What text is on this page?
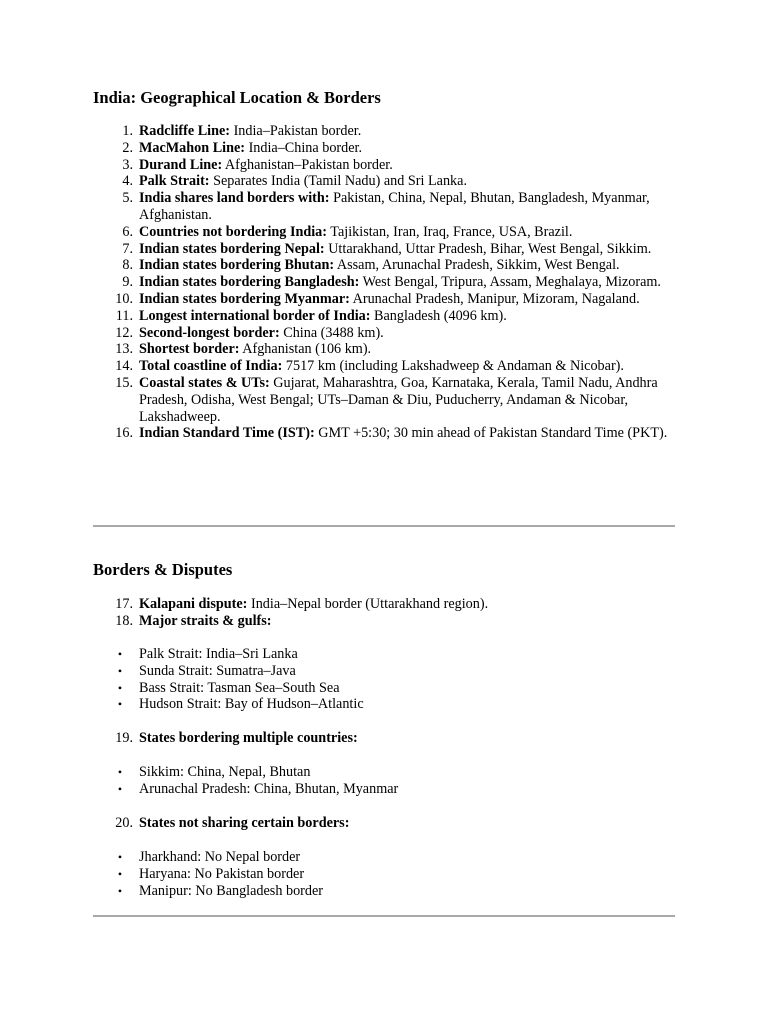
India: Geographical Location & Borders
1. Radcliffe Line: India–Pakistan border.
2. MacMahon Line: India–China border.
3. Durand Line: Afghanistan–Pakistan border.
4. Palk Strait: Separates India (Tamil Nadu) and Sri Lanka.
5. India shares land borders with: Pakistan, China, Nepal, Bhutan, Bangladesh, Myanmar, Afghanistan.
6. Countries not bordering India: Tajikistan, Iran, Iraq, France, USA, Brazil.
7. Indian states bordering Nepal: Uttarakhand, Uttar Pradesh, Bihar, West Bengal, Sikkim.
8. Indian states bordering Bhutan: Assam, Arunachal Pradesh, Sikkim, West Bengal.
9. Indian states bordering Bangladesh: West Bengal, Tripura, Assam, Meghalaya, Mizoram.
10. Indian states bordering Myanmar: Arunachal Pradesh, Manipur, Mizoram, Nagaland.
11. Longest international border of India: Bangladesh (4096 km).
12. Second-longest border: China (3488 km).
13. Shortest border: Afghanistan (106 km).
14. Total coastline of India: 7517 km (including Lakshadweep & Andaman & Nicobar).
15. Coastal states & UTs: Gujarat, Maharashtra, Goa, Karnataka, Kerala, Tamil Nadu, Andhra Pradesh, Odisha, West Bengal; UTs–Daman & Diu, Puducherry, Andaman & Nicobar, Lakshadweep.
16. Indian Standard Time (IST): GMT +5:30; 30 min ahead of Pakistan Standard Time (PKT).
Borders & Disputes
17. Kalapani dispute: India–Nepal border (Uttarakhand region).
18. Major straits & gulfs:
• Palk Strait: India–Sri Lanka
• Sunda Strait: Sumatra–Java
• Bass Strait: Tasman Sea–South Sea
• Hudson Strait: Bay of Hudson–Atlantic
19. States bordering multiple countries:
• Sikkim: China, Nepal, Bhutan
• Arunachal Pradesh: China, Bhutan, Myanmar
20. States not sharing certain borders:
• Jharkhand: No Nepal border
• Haryana: No Pakistan border
• Manipur: No Bangladesh border
